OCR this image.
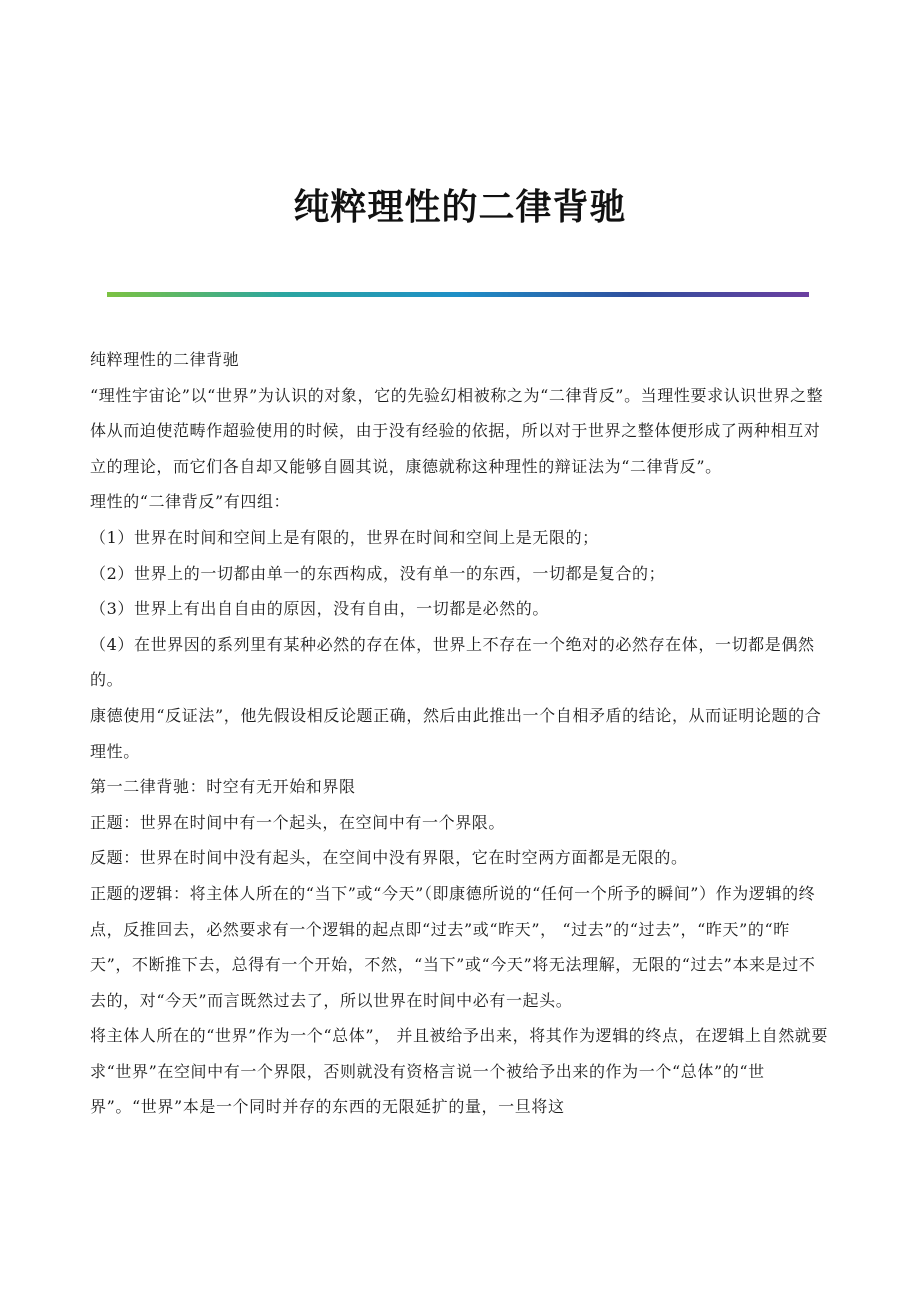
纯粹理性的二律背驰

纯粹理性的二律背驰

“理性宇宙论”以“世界”为认识的对象，它的先验幻相被称之为“二律背反”。当理性要求认识世界之整体从而迫使范畴作超验使用的时候，由于没有经验的依据，所以对于世界之整体便形成了两种相互对立的理论，而它们各自却又能够自圆其说，康德就称这种理性的辩证法为“二律背反”。

理性的“二律背反”有四组：

（1）世界在时间和空间上是有限的，世界在时间和空间上是无限的；

（2）世界上的一切都由单一的东西构成，没有单一的东西，一切都是复合的；

（3）世界上有出自自由的原因，没有自由，一切都是必然的。

（4）在世界因的系列里有某种必然的存在体，世界上不存在一个绝对的必然存在体，一切都是偶然的。

康德使用“反证法”，他先假设相反论题正确，然后由此推出一个自相矛盾的结论，从而证明论题的合理性。

第一二律背驰：时空有无开始和界限

正题：世界在时间中有一个起头，在空间中有一个界限。

反题：世界在时间中没有起头，在空间中没有界限，它在时空两方面都是无限的。

正题的逻辑：将主体人所在的“当下”或“今天”（即康德所说的“任何一个所予的瞬间”）作为逻辑的终点，反推回去，必然要求有一个逻辑的起点即“过去”或“昨天”， “过去”的“过去”，“昨天”的“昨天”，不断推下去，总得有一个开始，不然，“当下”或“今天”将无法理解，无限的“过去”本来是过不去的，对“今天”而言既然过去了，所以世界在时间中必有一起头。

将主体人所在的“世界”作为一个“总体”， 并且被给予出来，将其作为逻辑的终点，在逻辑上自然就要求“世界”在空间中有一个界限，否则就没有资格言说一个被给予出来的作为一个“总体”的“世界”。“世界”本是一个同时并存的东西的无限延扩的量，一旦将这
